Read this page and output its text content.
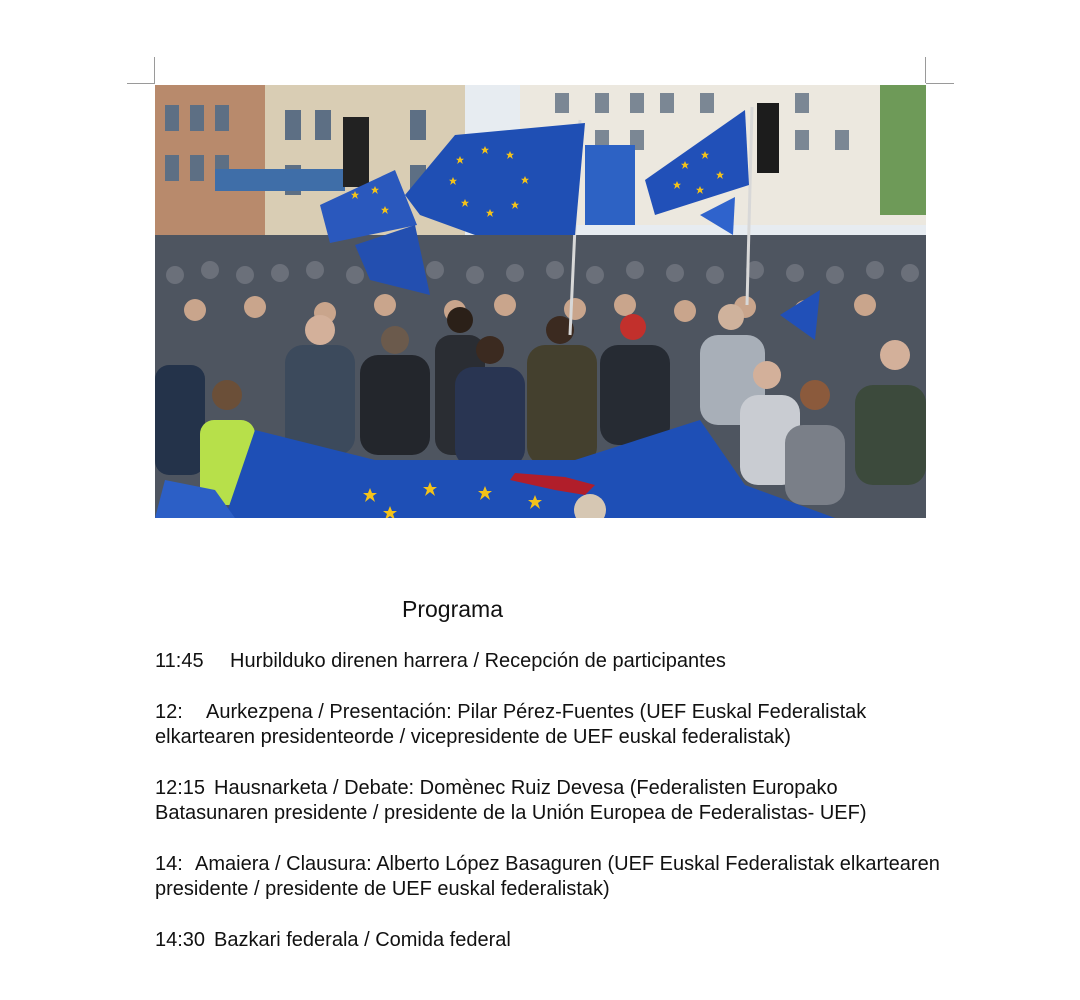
Programa

11:45 Hurbilduko direnen harrera / Recepción de participantes

12: Aurkezpena / Presentación: Pilar Pérez-Fuentes (UEF Euskal Federalistak elkartearen presidenteorde / vicepresidente de UEF euskal federalistak)

12:15 Hausnarketa / Debate: Domènec Ruiz Devesa (Federalisten Europako Batasunaren presidente / presidente de la Unión Europea de Federalistas- UEF)

14: Amaiera / Clausura: Alberto López Basaguren (UEF Euskal Federalistak elkartearen presidente / presidente de UEF euskal federalistak)

14:30 Bazkari federala / Comida federal
